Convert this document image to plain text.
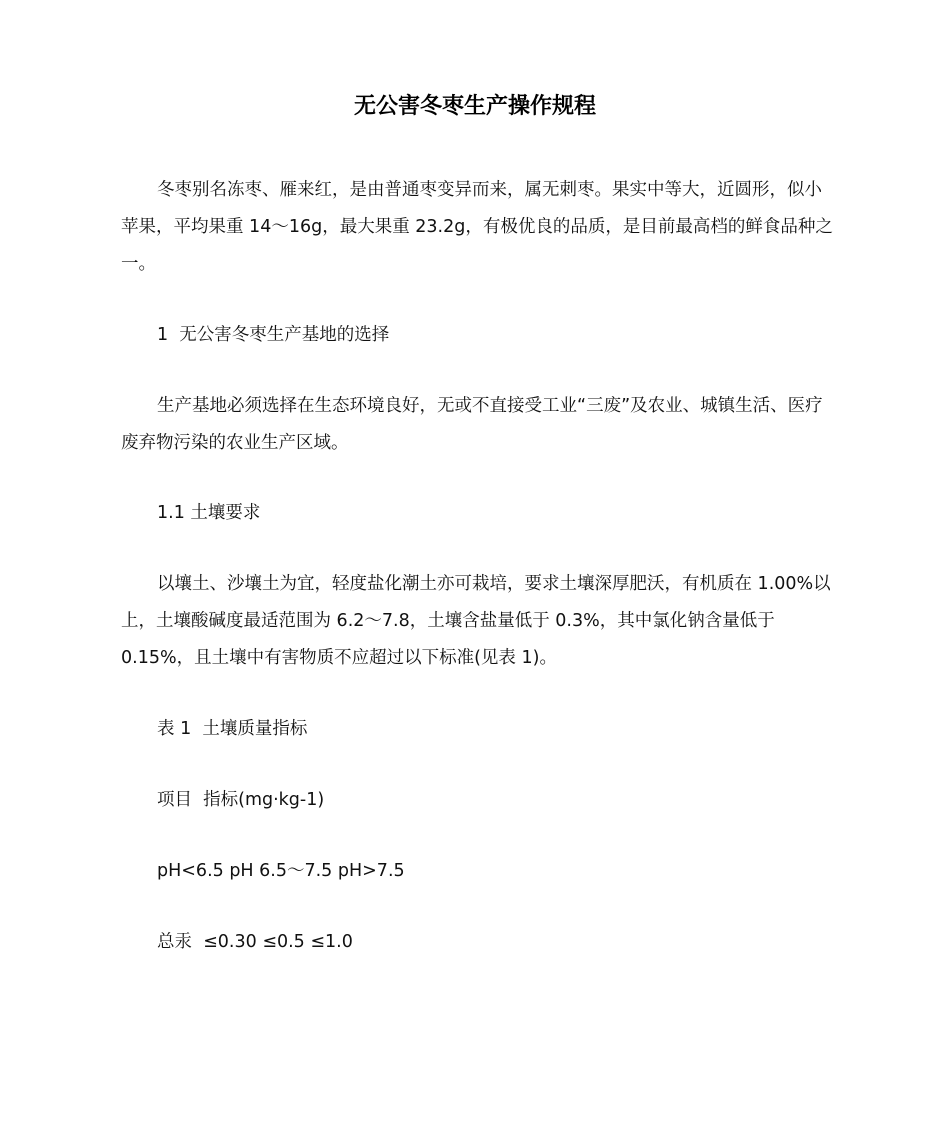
无公害冬枣生产操作规程

冬枣别名冻枣、雁来红，是由普通枣变异而来，属无刺枣。果实中等大，近圆形，似小苹果，平均果重 14～16g，最大果重 23.2g，有极优良的品质，是目前最高档的鲜食品种之一。

1  无公害冬枣生产基地的选择

生产基地必须选择在生态环境良好，无或不直接受工业“三废”及农业、城镇生活、医疗废弃物污染的农业生产区域。

1.1 土壤要求

以壤土、沙壤土为宜，轻度盐化潮土亦可栽培，要求土壤深厚肥沃，有机质在 1.00%以上，土壤酸碱度最适范围为 6.2～7.8，土壤含盐量低于 0.3%，其中氯化钠含量低于 0.15%，且土壤中有害物质不应超过以下标准(见表 1)。

表 1  土壤质量指标
项目  指标(mg·kg-1)
pH<6.5 pH 6.5～7.5 pH>7.5
总汞  ≤0.30 ≤0.5 ≤1.0
